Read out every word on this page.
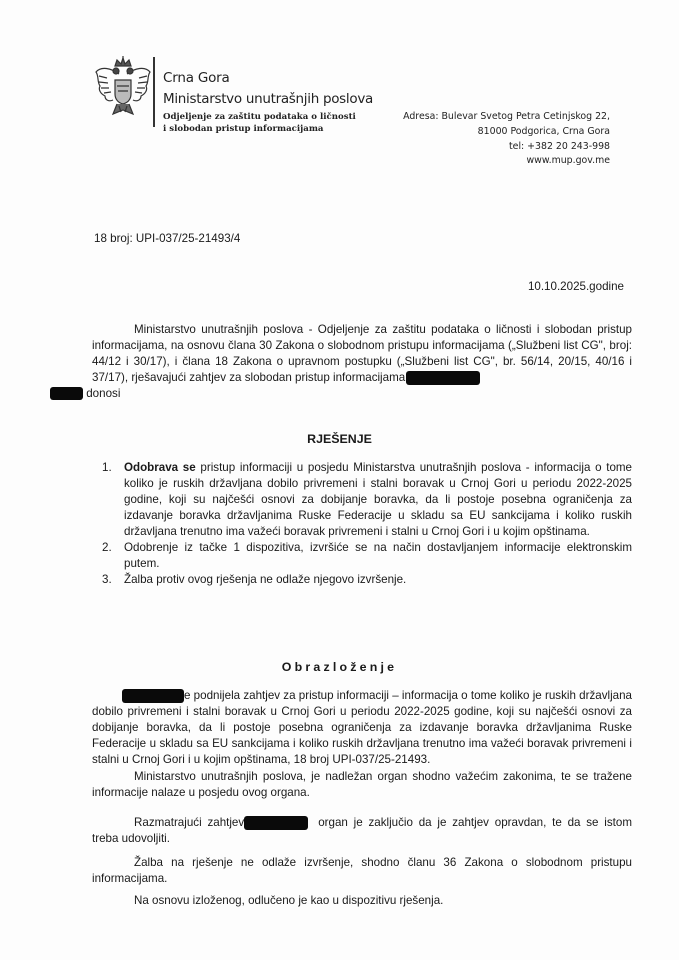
Crna Gora
Ministarstvo unutrašnjih poslova
Odjeljenje za zaštitu podataka o ličnosti
i slobodan pristup informacijama
Adresa: Bulevar Svetog Petra Cetinjskog 22,
81000 Podgorica, Crna Gora
tel: +382 20 243-998
www.mup.gov.me
18 broj: UPI-037/25-21493/4
10.10.2025.godine
Ministarstvo unutrašnjih poslova - Odjeljenje za zaštitu podataka o ličnosti i slobodan pristup informacijama, na osnovu člana 30 Zakona o slobodnom pristupu informacijama („Službeni list CG", broj: 44/12 i 30/17), i člana 18 Zakona o upravnom postupku („Službeni list CG", br. 56/14, 20/15, 40/16 i 37/17), rješavajući zahtjev za slobodan pristup informacijama
donosi
RJEŠENJE
1. Odobrava se pristup informaciji u posjedu Ministarstva unutrašnjih poslova - informacija o tome koliko je ruskih državljana dobilo privremeni i stalni boravak u Crnoj Gori u periodu 2022-2025 godine, koji su najčešći osnovi za dobijanje boravka, da li postoje posebna ograničenja za izdavanje boravka državljanima Ruske Federacije u skladu sa EU sankcijama i koliko ruskih državljana trenutno ima važeći boravak privremeni i stalni u Crnoj Gori i u kojim opštinama.
2. Odobrenje iz tačke 1 dispozitiva, izvršiće se na način dostavljanjem informacije elektronskim putem.
3. Žalba protiv ovog rješenja ne odlaže njegovo izvršenje.
Obrazloženje
e podnijela zahtjev za pristup informaciji – informacija o tome koliko je ruskih državljana dobilo privremeni i stalni boravak u Crnoj Gori u periodu 2022-2025 godine, koji su najčešći osnovi za dobijanje boravka, da li postoje posebna ograničenja za izdavanje boravka državljanima Ruske Federacije u skladu sa EU sankcijama i koliko ruskih državljana trenutno ima važeći boravak privremeni i stalni u Crnoj Gori i u kojim opštinama, 18 broj UPI-037/25-21493.
Ministarstvo unutrašnjih poslova, je nadležan organ shodno važećim zakonima, te se tražene informacije nalaze u posjedu ovog organa.
Razmatrajući zahtjev	organ je zaključio da je zahtjev opravdan, te da se istom treba udovoljiti.
Žalba na rješenje ne odlaže izvršenje, shodno članu 36 Zakona o slobodnom pristupu informacijama.
Na osnovu izloženog, odlučeno je kao u dispozitivu rješenja.
